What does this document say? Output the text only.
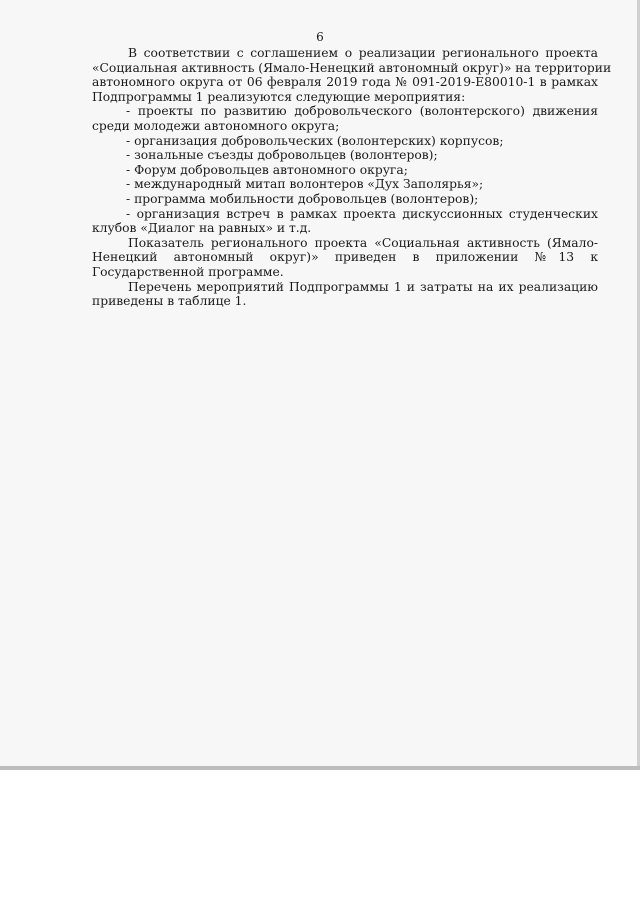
6

В соответствии с соглашением о реализации регионального проекта
«Социальная активность (Ямало-Ненецкий автономный округ)» на территории
автономного округа от 06 февраля 2019 года № 091-2019-Е80010-1 в рамках
Подпрограммы 1 реализуются следующие мероприятия:

- проекты по развитию добровольческого (волонтерского) движения
среди молодежи автономного округа;

- организация добровольческих (волонтерских) корпусов;

- зональные съезды добровольцев (волонтеров);

- Форум добровольцев автономного округа;

- международный митап волонтеров «Дух Заполярья»;

- программа мобильности добровольцев (волонтеров);

- организация встреч в рамках проекта дискуссионных студенческих
клубов «Диалог на равных» и т.д.

Показатель регионального проекта «Социальная активность (Ямало-
Ненецкий автономный округ)» приведен в приложении №13 к
Государственной программе.

Перечень мероприятий Подпрограммы 1 и затраты на их реализацию
приведены в таблице 1.
